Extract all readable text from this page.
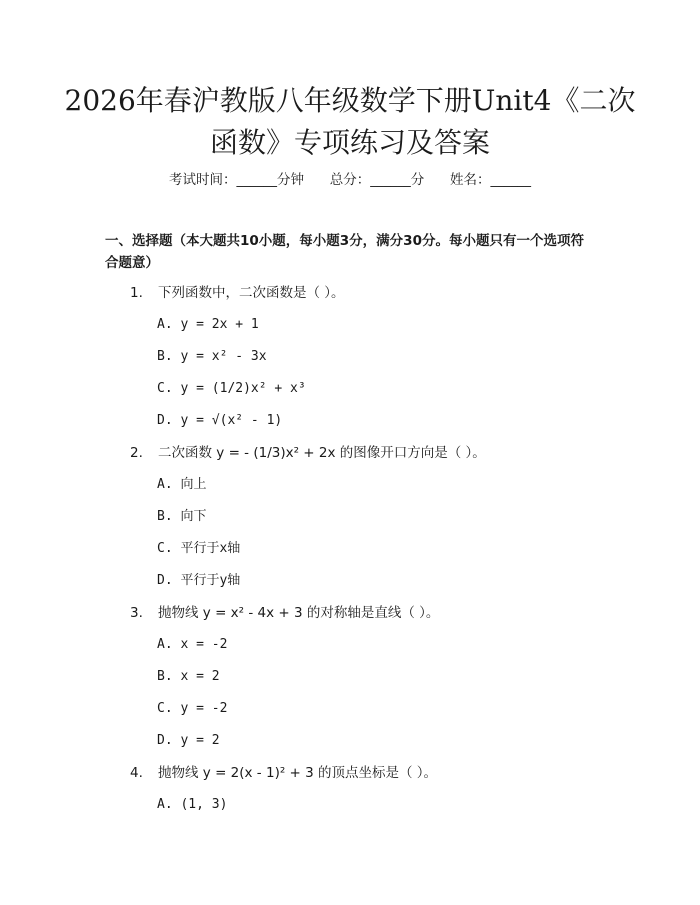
2026年春沪教版八年级数学下册Unit4《二次函数》专项练习及答案
考试时间：______分钟      总分：______分      姓名：______
一、选择题（本大题共10小题，每小题3分，满分30分。每小题只有一个选项符合题意）
1. 下列函数中，二次函数是（ ）。
A. y = 2x + 1
B. y = x² - 3x
C. y = (1/2)x² + x³
D. y = √(x² - 1)
2. 二次函数 y = - (1/3)x² + 2x 的图像开口方向是（ ）。
A. 向上
B. 向下
C. 平行于x轴
D. 平行于y轴
3. 抛物线 y = x² - 4x + 3 的对称轴是直线（ ）。
A. x = -2
B. x = 2
C. y = -2
D. y = 2
4. 抛物线 y = 2(x - 1)² + 3 的顶点坐标是（ ）。
A. (1, 3)
